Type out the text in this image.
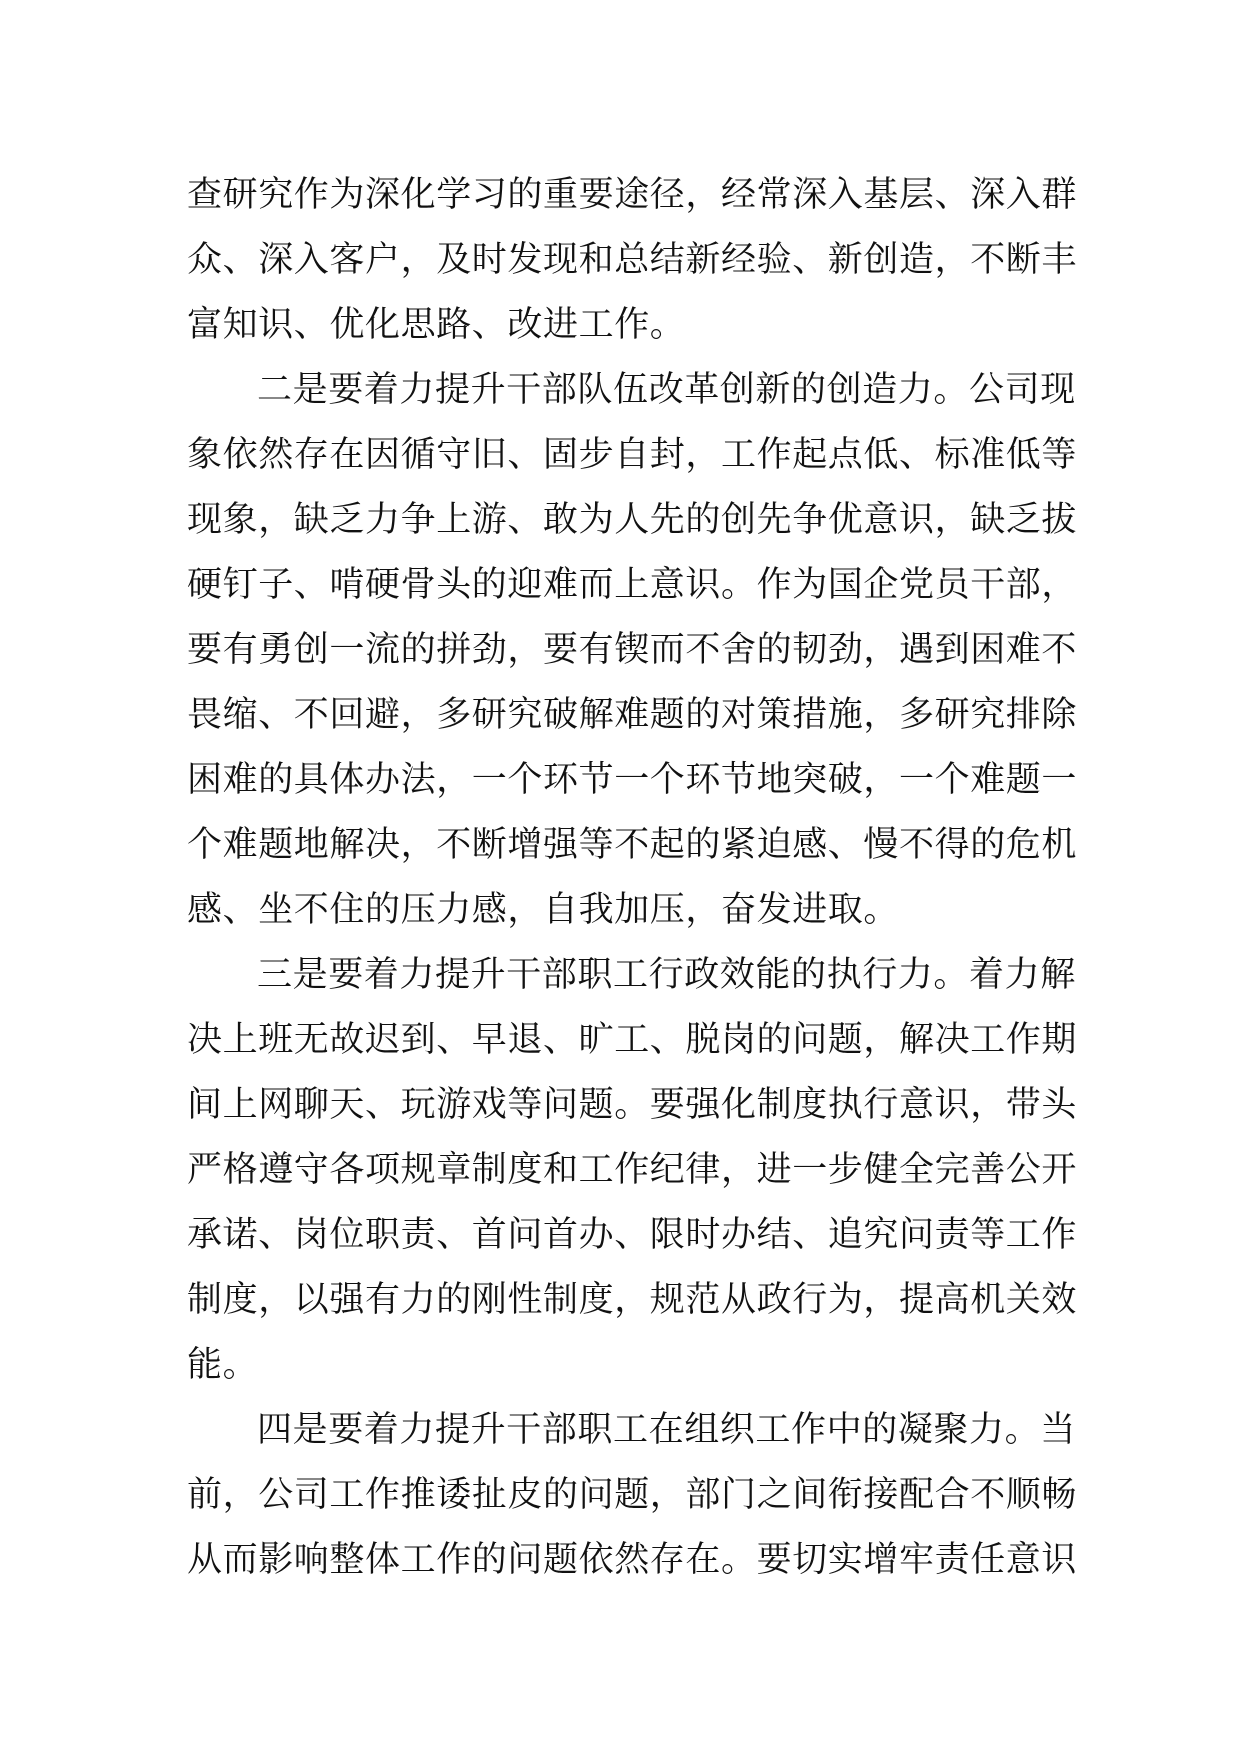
查研究作为深化学习的重要途径，经常深入基层、深入群
众、深入客户，及时发现和总结新经验、新创造，不断丰
富知识、优化思路、改进工作。
二是要着力提升干部队伍改革创新的创造力。公司现
象依然存在因循守旧、固步自封，工作起点低、标准低等
现象，缺乏力争上游、敢为人先的创先争优意识，缺乏拔
硬钉子、啃硬骨头的迎难而上意识。作为国企党员干部，
要有勇创一流的拼劲，要有锲而不舍的韧劲，遇到困难不
畏缩、不回避，多研究破解难题的对策措施，多研究排除
困难的具体办法，一个环节一个环节地突破，一个难题一
个难题地解决，不断增强等不起的紧迫感、慢不得的危机
感、坐不住的压力感，自我加压，奋发进取。
三是要着力提升干部职工行政效能的执行力。着力解
决上班无故迟到、早退、旷工、脱岗的问题，解决工作期
间上网聊天、玩游戏等问题。要强化制度执行意识，带头
严格遵守各项规章制度和工作纪律，进一步健全完善公开
承诺、岗位职责、首问首办、限时办结、追究问责等工作
制度，以强有力的刚性制度，规范从政行为，提高机关效
能。
四是要着力提升干部职工在组织工作中的凝聚力。当
前，公司工作推诿扯皮的问题，部门之间衔接配合不顺畅
从而影响整体工作的问题依然存在。要切实增牢责任意识
